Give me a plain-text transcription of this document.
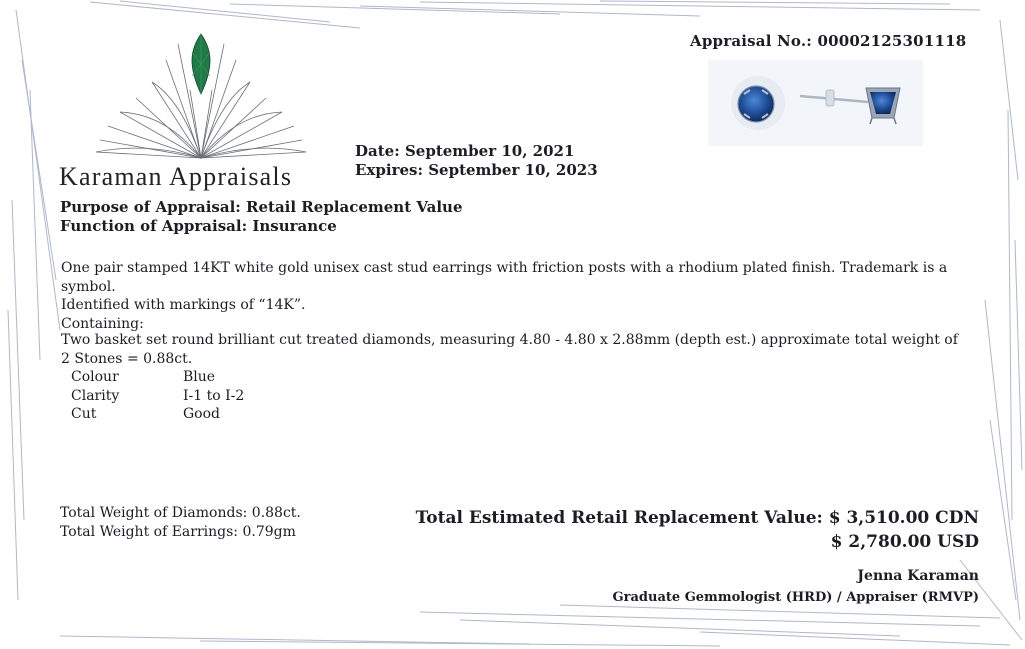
Appraisal No.: 00002125301118
Karaman Appraisals
Date: September 10, 2021
Expires: September 10, 2023
Purpose of Appraisal: Retail Replacement Value
Function of Appraisal: Insurance
One pair stamped 14KT white gold unisex cast stud earrings with friction posts with a rhodium plated finish. Trademark is a symbol.
Identified with markings of “14K”.
Containing:
Two basket set round brilliant cut treated diamonds, measuring 4.80 - 4.80 x 2.88mm (depth est.) approximate total weight of
2 Stones = 0.88ct.
Colour	Blue
Clarity	I-1 to I-2
Cut	Good
Total Weight of Diamonds: 0.88ct.
Total Weight of Earrings: 0.79gm
Total Estimated Retail Replacement Value: $ 3,510.00 CDN
$ 2,780.00 USD
Jenna Karaman
Graduate Gemmologist (HRD) / Appraiser (RMVP)
